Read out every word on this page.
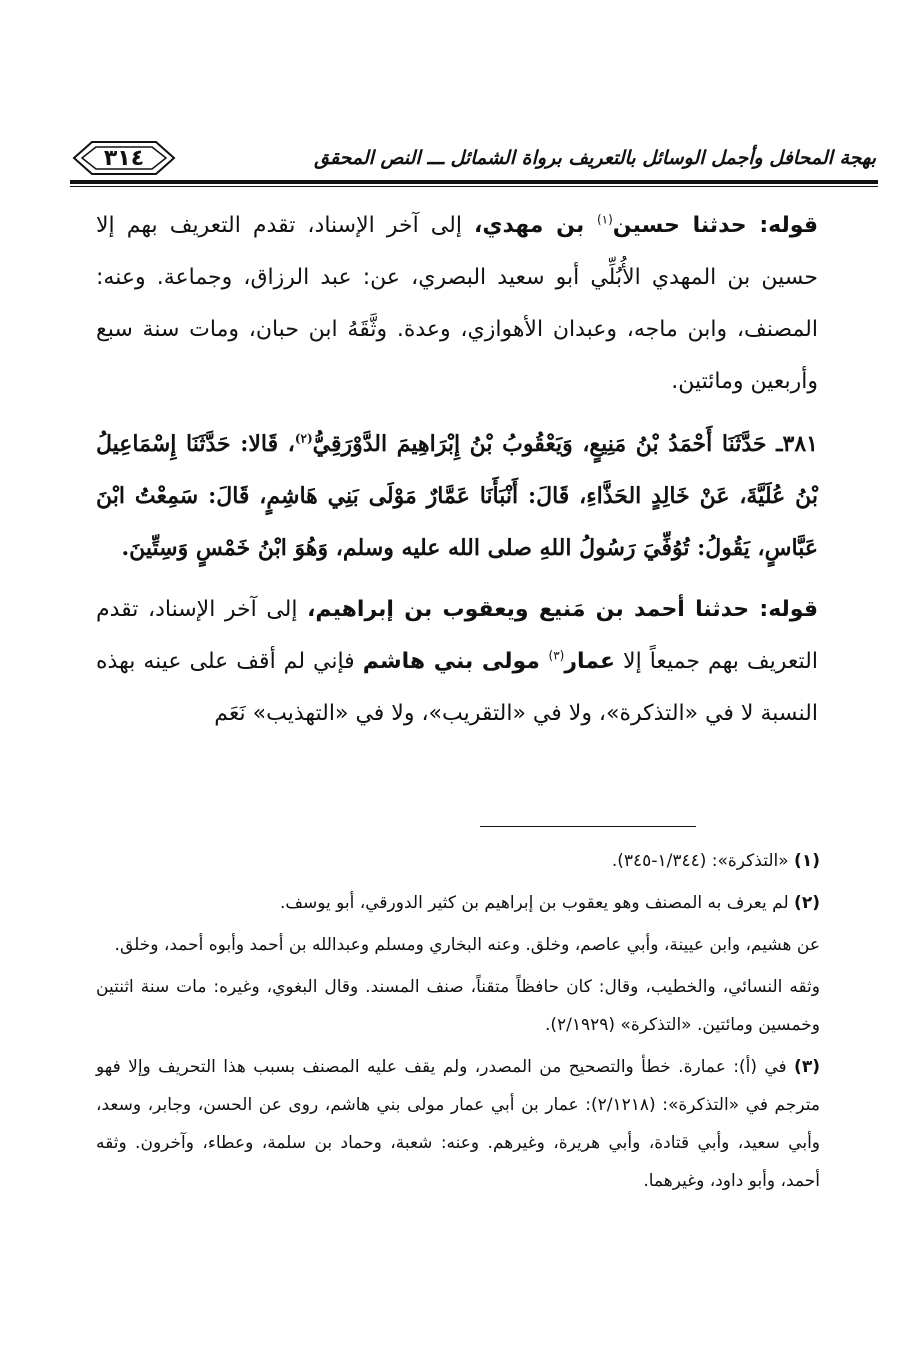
بهجة المحافل وأجمل الوسائل بالتعريف برواة الشمائل ـــ النص المحقق
٣١٤

قوله: حدثنا حسين$^{(١)}$ بن مهدي، إلى آخر الإسناد، تقدم التعريف بهم إلا حسين بن المهدي الأُبُلِّي أبو سعيد البصري، عن: عبد الرزاق، وجماعة. وعنه: المصنف، وابن ماجه، وعبدان الأهوازي، وعدة. وثَّقَهُ ابن حبان، ومات سنة سبع وأربعين ومائتين.

٣٨١ـ حَدَّثَنَا أَحْمَدُ بْنُ مَنِيعٍ، وَيَعْقُوبُ بْنُ إِبْرَاهِيمَ الدَّوْرَقِيُّ$^{(٢)}$، قَالا: حَدَّثَنَا إِسْمَاعِيلُ بْنُ عُلَيَّةَ، عَنْ خَالِدٍ الحَذَّاءِ، قَالَ: أَنْبَأَنَا عَمَّارٌ مَوْلَى بَنِي هَاشِمٍ، قَالَ: سَمِعْتُ ابْنَ عَبَّاسٍ، يَقُولُ: تُوُفِّيَ رَسُولُ اللهِ صلى الله عليه وسلم، وَهُوَ ابْنُ خَمْسٍ وَسِتِّينَ.

قوله: حدثنا أحمد بن مَنيع ويعقوب بن إبراهيم، إلى آخر الإسناد، تقدم التعريف بهم جميعاً إلا عمار$^{(٣)}$ مولى بني هاشم فإني لم أقف على عينه بهذه النسبة لا في «التذكرة»، ولا في «التقريب»، ولا في «التهذيب» نَعَم

(١) «التذكرة»: (١/٣٤٤-٣٤٥).

(٢) لم يعرف به المصنف وهو يعقوب بن إبراهيم بن كثير الدورقي، أبو يوسف.

عن هشيم، وابن عيينة، وأبي عاصم، وخلق. وعنه البخاري ومسلم وعبدالله بن أحمد وأبوه أحمد، وخلق.

وثقه النسائي، والخطيب، وقال: كان حافظاً متقناً، صنف المسند. وقال البغوي، وغيره: مات سنة اثنتين وخمسين ومائتين. «التذكرة» (٢/١٩٢٩).

(٣) في (أ): عمارة. خطأ والتصحيح من المصدر، ولم يقف عليه المصنف بسبب هذا التحريف وإلا فهو مترجم في «التذكرة»: (٢/١٢١٨): عمار بن أبي عمار مولى بني هاشم، روى عن الحسن، وجابر، وسعد، وأبي سعيد، وأبي قتادة، وأبي هريرة، وغيرهم. وعنه: شعبة، وحماد بن سلمة، وعطاء، وآخرون. وثقه أحمد، وأبو داود، وغيرهما.
